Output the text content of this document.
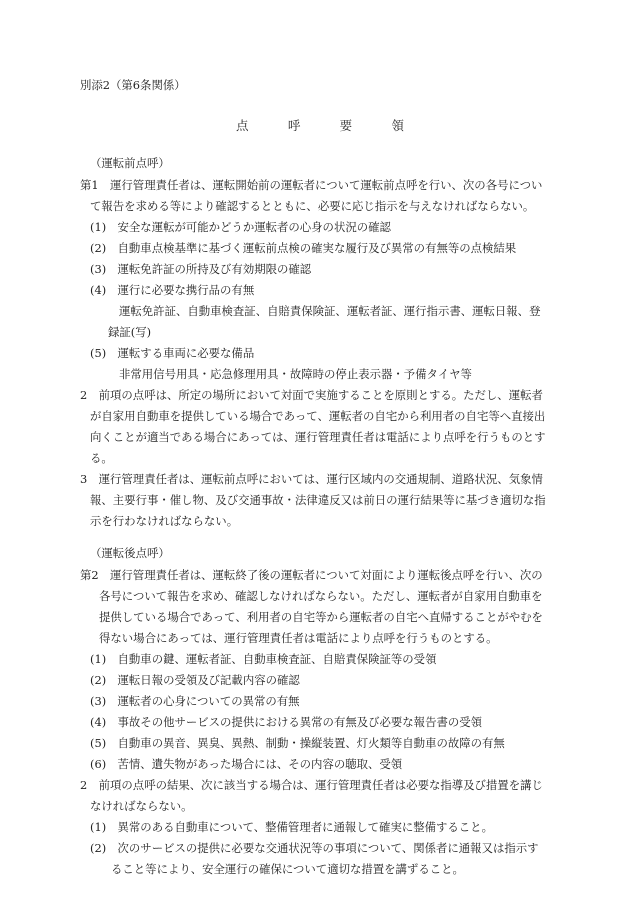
別添2（第6条関係）
点	呼	要	領
（運転前点呼）
第1　運行管理責任者は、運転開始前の運転者について運転前点呼を行い、次の各号につい
て報告を求める等により確認するとともに、必要に応じ指示を与えなければならない。
(1)　安全な運転が可能かどうか運転者の心身の状況の確認
(2)　自動車点検基準に基づく運転前点検の確実な履行及び異常の有無等の点検結果
(3)　運転免許証の所持及び有効期限の確認
(4)　運行に必要な携行品の有無
運転免許証、自動車検査証、自賠責保険証、運転者証、運行指示書、運転日報、登
録証(写)
(5)　運転する車両に必要な備品
非常用信号用具・応急修理用具・故障時の停止表示器・予備タイヤ等
2　前項の点呼は、所定の場所において対面で実施することを原則とする。ただし、運転者
が自家用自動車を提供している場合であって、運転者の自宅から利用者の自宅等へ直接出
向くことが適当である場合にあっては、運行管理責任者は電話により点呼を行うものとす
る。
3　運行管理責任者は、運転前点呼においては、運行区域内の交通規制、道路状況、気象情
報、主要行事・催し物、及び交通事故・法律違反又は前日の運行結果等に基づき適切な指
示を行わなければならない。
（運転後点呼）
第2　運行管理責任者は、運転終了後の運転者について対面により運転後点呼を行い、次の
各号について報告を求め、確認しなければならない。ただし、運転者が自家用自動車を
提供している場合であって、利用者の自宅等から運転者の自宅へ直帰することがやむを
得ない場合にあっては、運行管理責任者は電話により点呼を行うものとする。
(1)　自動車の鍵、運転者証、自動車検査証、自賠責保険証等の受領
(2)　運転日報の受領及び記載内容の確認
(3)　運転者の心身についての異常の有無
(4)　事故その他サービスの提供における異常の有無及び必要な報告書の受領
(5)　自動車の異音、異臭、異熱、制動・操縦装置、灯火類等自動車の故障の有無
(6)　苦情、遺失物があった場合には、その内容の聴取、受領
2　前項の点呼の結果、次に該当する場合は、運行管理責任者は必要な指導及び措置を講じ
なければならない。
(1)　異常のある自動車について、整備管理者に通報して確実に整備すること。
(2)　次のサービスの提供に必要な交通状況等の事項について、関係者に通報又は指示す
ること等により、安全運行の確保について適切な措置を講ずること。
